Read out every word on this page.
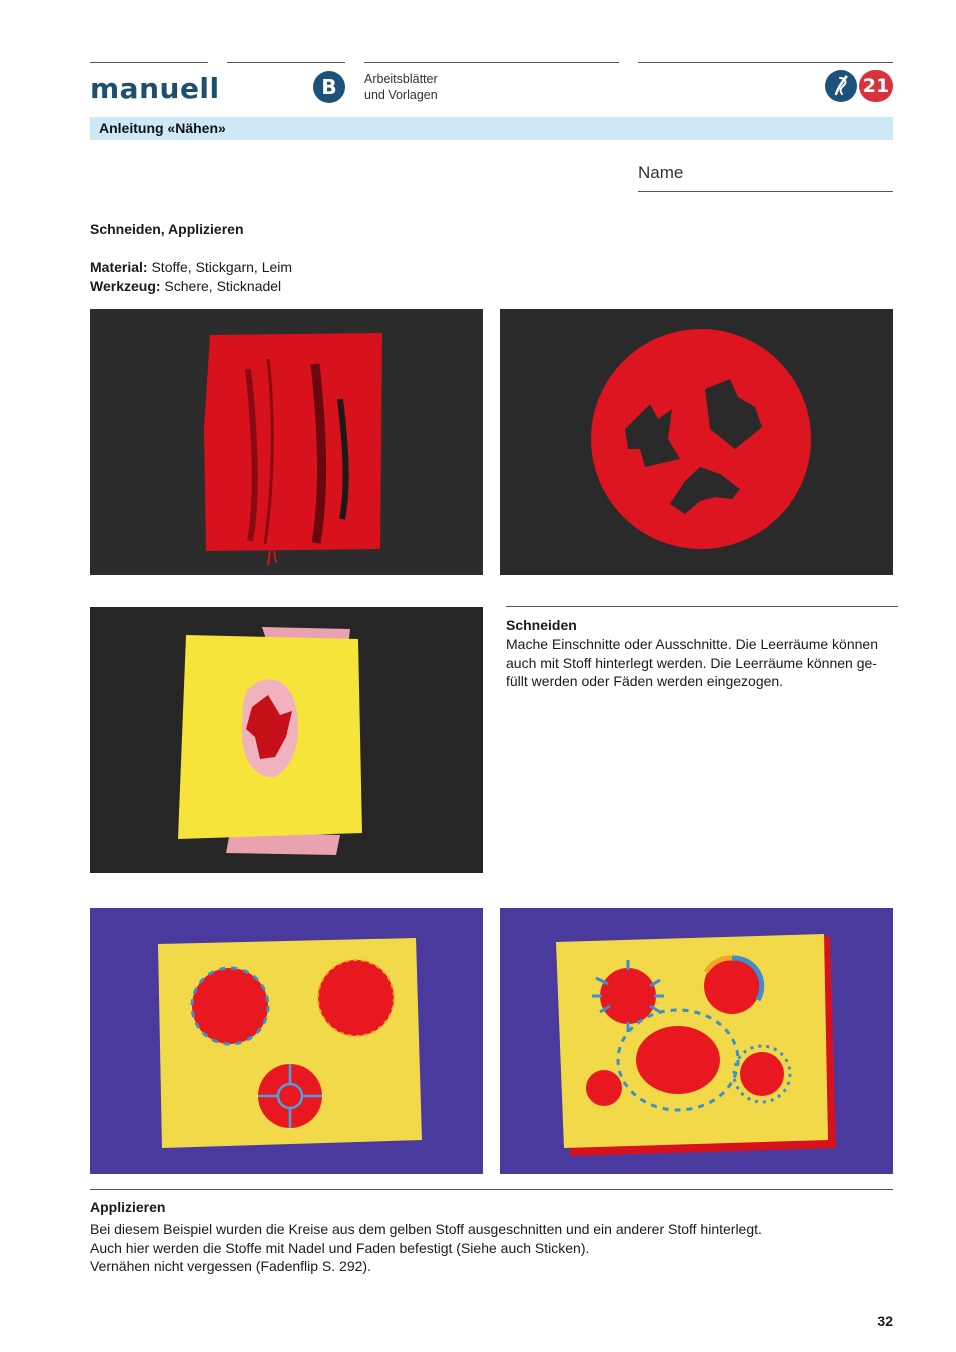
manuell	B	Arbeitsblätter
und Vorlagen	21
Anleitung «Nähen»
Name
Schneiden, Applizieren
Material: Stoffe, Stickgarn, Leim
Werkzeug: Schere, Sticknadel
Schneiden
Mache Einschnitte oder Ausschnitte. Die Leerräume können
auch mit Stoff hinterlegt werden. Die Leerräume können ge-
füllt werden oder Fäden werden eingezogen.
Applizieren
Bei diesem Beispiel wurden die Kreise aus dem gelben Stoff ausgeschnitten und ein anderer Stoff hinterlegt.
Auch hier werden die Stoffe mit Nadel und Faden befestigt (Siehe auch Sticken).
Vernähen nicht vergessen (Fadenflip S. 292).
32
